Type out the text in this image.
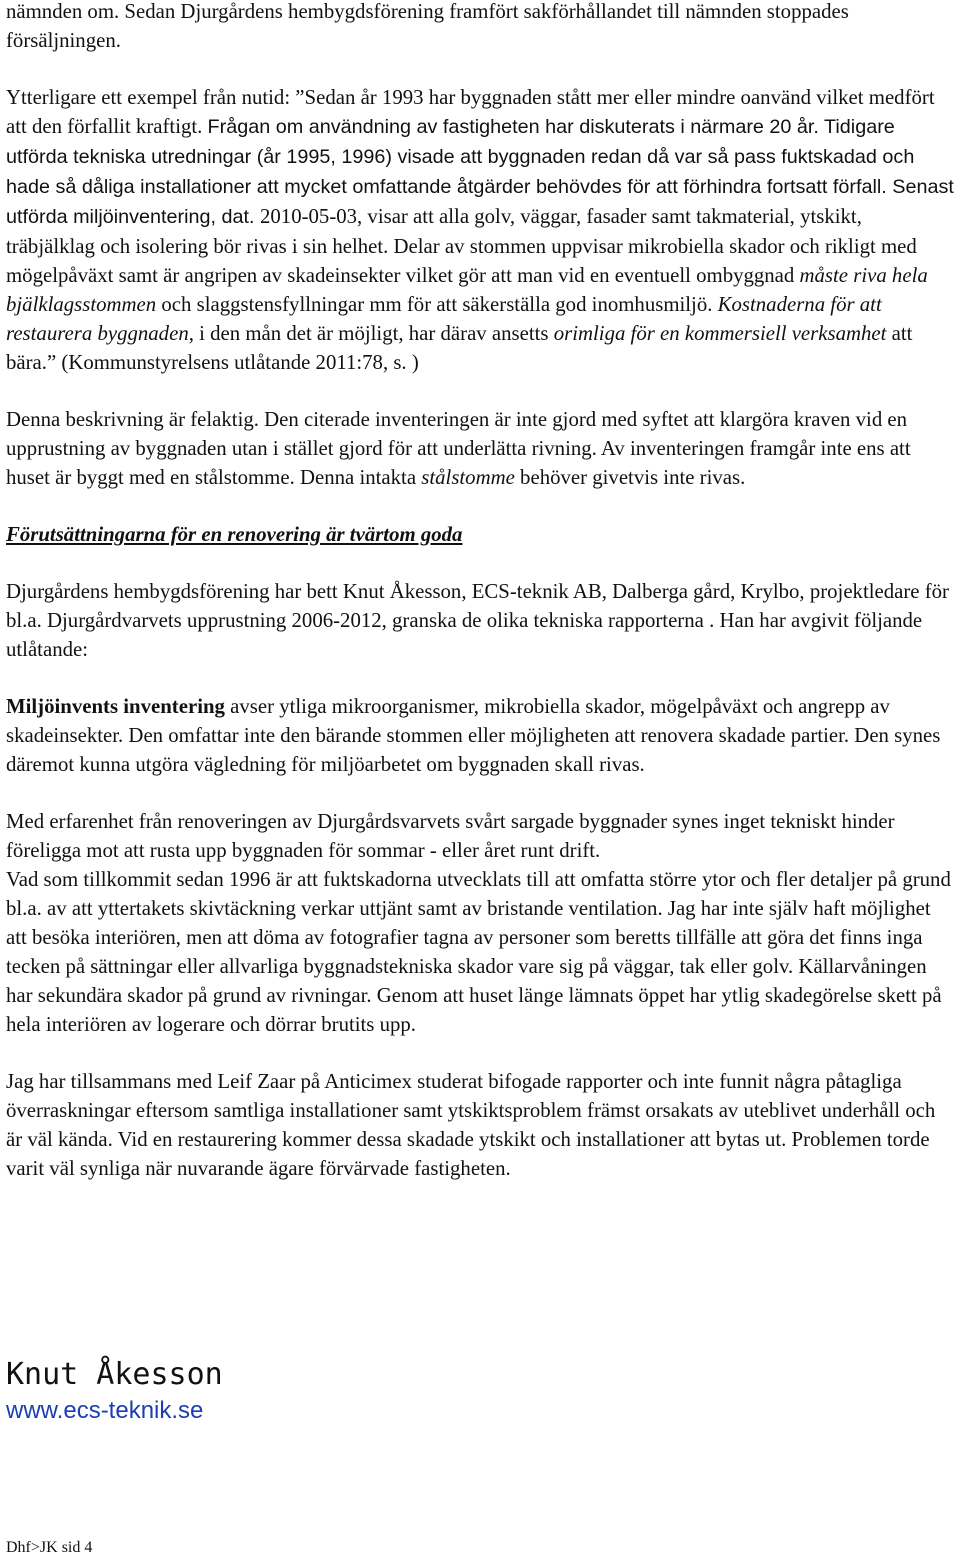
nämnden om. Sedan Djurgårdens hembygdsförening framfört sakförhållandet till nämnden stoppades försäljningen.

Ytterligare ett exempel från nutid: ”Sedan år 1993 har byggnaden stått mer eller mindre oanvänd vilket medfört att den förfallit kraftigt. Frågan om användning av fastigheten har diskuterats i närmare 20 år. Tidigare utförda tekniska utredningar (år 1995, 1996) visade att byggnaden redan då var så pass fuktskadad och hade så dåliga installationer att mycket omfattande åtgärder behövdes för att förhindra fortsatt förfall. Senast utförda miljöinventering, dat. 2010-05-03, visar att alla golv, väggar, fasader samt takmaterial, ytskikt, träbjälklag och isolering bör rivas i sin helhet. Delar av stommen uppvisar mikrobiella skador och rikligt med mögelpåväxt samt är angripen av skadeinsekter vilket gör att man vid en eventuell ombyggnad måste riva hela bjälklagsstommen och slaggstensfyllningar mm för att säkerställa god inomhusmiljö. Kostnaderna för att restaurera byggnaden, i den mån det är möjligt, har därav ansetts orimliga för en kommersiell verksamhet att bära.” (Kommunstyrelsens utlåtande 2011:78, s. )

Denna beskrivning är felaktig. Den citerade inventeringen är inte gjord med syftet att klargöra kraven vid en upprustning av byggnaden utan i stället gjord för att underlätta rivning. Av inventeringen framgår inte ens att huset är byggt med en stålstomme. Denna intakta stålstomme behöver givetvis inte rivas.

Förutsättningarna för en renovering är tvärtom goda

Djurgårdens hembygdsförening har bett Knut Åkesson, ECS-teknik AB, Dalberga gård, Krylbo, projektledare för bl.a. Djurgårdvarvets upprustning 2006-2012, granska de olika tekniska rapporterna . Han har avgivit följande utlåtande:

Miljöinvents inventering avser ytliga mikroorganismer, mikrobiella skador, mögelpåväxt och angrepp av skadeinsekter. Den omfattar inte den bärande stommen eller möjligheten att renovera skadade partier. Den synes däremot kunna utgöra vägledning för miljöarbetet om byggnaden skall rivas.

Med erfarenhet från renoveringen av Djurgårdsvarvets svårt sargade byggnader synes inget tekniskt hinder föreligga mot att rusta upp byggnaden för sommar - eller året runt drift.
Vad som tillkommit sedan 1996 är att fuktskadorna utvecklats till att omfatta större ytor och fler detaljer på grund bl.a. av att yttertakets skivtäckning verkar uttjänt samt av bristande ventilation. Jag har inte själv haft möjlighet att besöka interiören, men att döma av fotografier tagna av personer som beretts tillfälle att göra det finns inga tecken på sättningar eller allvarliga byggnadstekniska skador vare sig på väggar, tak eller golv. Källarvåningen har sekundära skador på grund av rivningar. Genom att huset länge lämnats öppet har ytlig skadegörelse skett på hela interiören av logerare och dörrar brutits upp.

Jag har tillsammans med Leif Zaar på Anticimex studerat bifogade rapporter och inte funnit några påtagliga överraskningar eftersom samtliga installationer samt ytskiktsproblem främst orsakats av uteblivet underhåll och är väl kända. Vid en restaurering kommer dessa skadade ytskikt och installationer att bytas ut. Problemen torde varit väl synliga när nuvarande ägare förvärvade fastigheten.

Knut Åkesson
www.ecs-teknik.se
Dhf>JK sid 4
